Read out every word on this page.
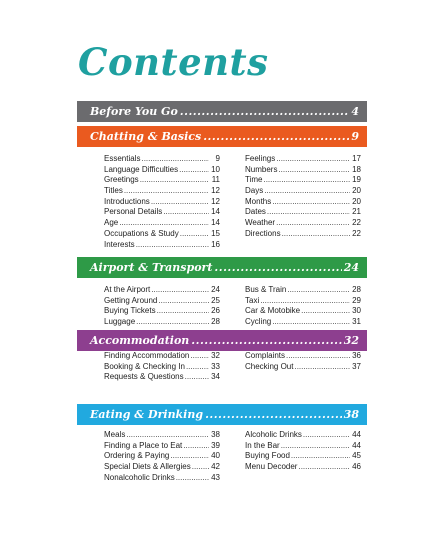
Contents
Before You Go .....	4
Chatting & Basics .....	9
Essentials .....	9
Language Difficulties .....	10
Greetings .....	11
Titles .....	12
Introductions .....	12
Personal Details .....	14
Age .....	14
Occupations & Study .....	15
Interests .....	16
Feelings .....	17
Numbers .....	18
Time .....	19
Days .....	20
Months .....	20
Dates .....	21
Weather .....	22
Directions .....	22
Airport & Transport .....	24
At the Airport .....	24
Getting Around .....	25
Buying Tickets .....	26
Luggage .....	28
Bus & Train .....	28
Taxi .....	29
Car & Motobike .....	30
Cycling .....	31
Accommodation .....	32
Finding Accommodation .....	32
Booking & Checking In .....	33
Requests & Questions .....	34
Complaints .....	36
Checking Out .....	37
Eating & Drinking .....	38
Meals .....	38
Finding a Place to Eat .....	39
Ordering & Paying .....	40
Special Diets & Allergies .....	42
Nonalcoholic Drinks .....	43
Alcoholic Drinks .....	44
In the Bar .....	44
Buying Food .....	45
Menu Decoder .....	46
